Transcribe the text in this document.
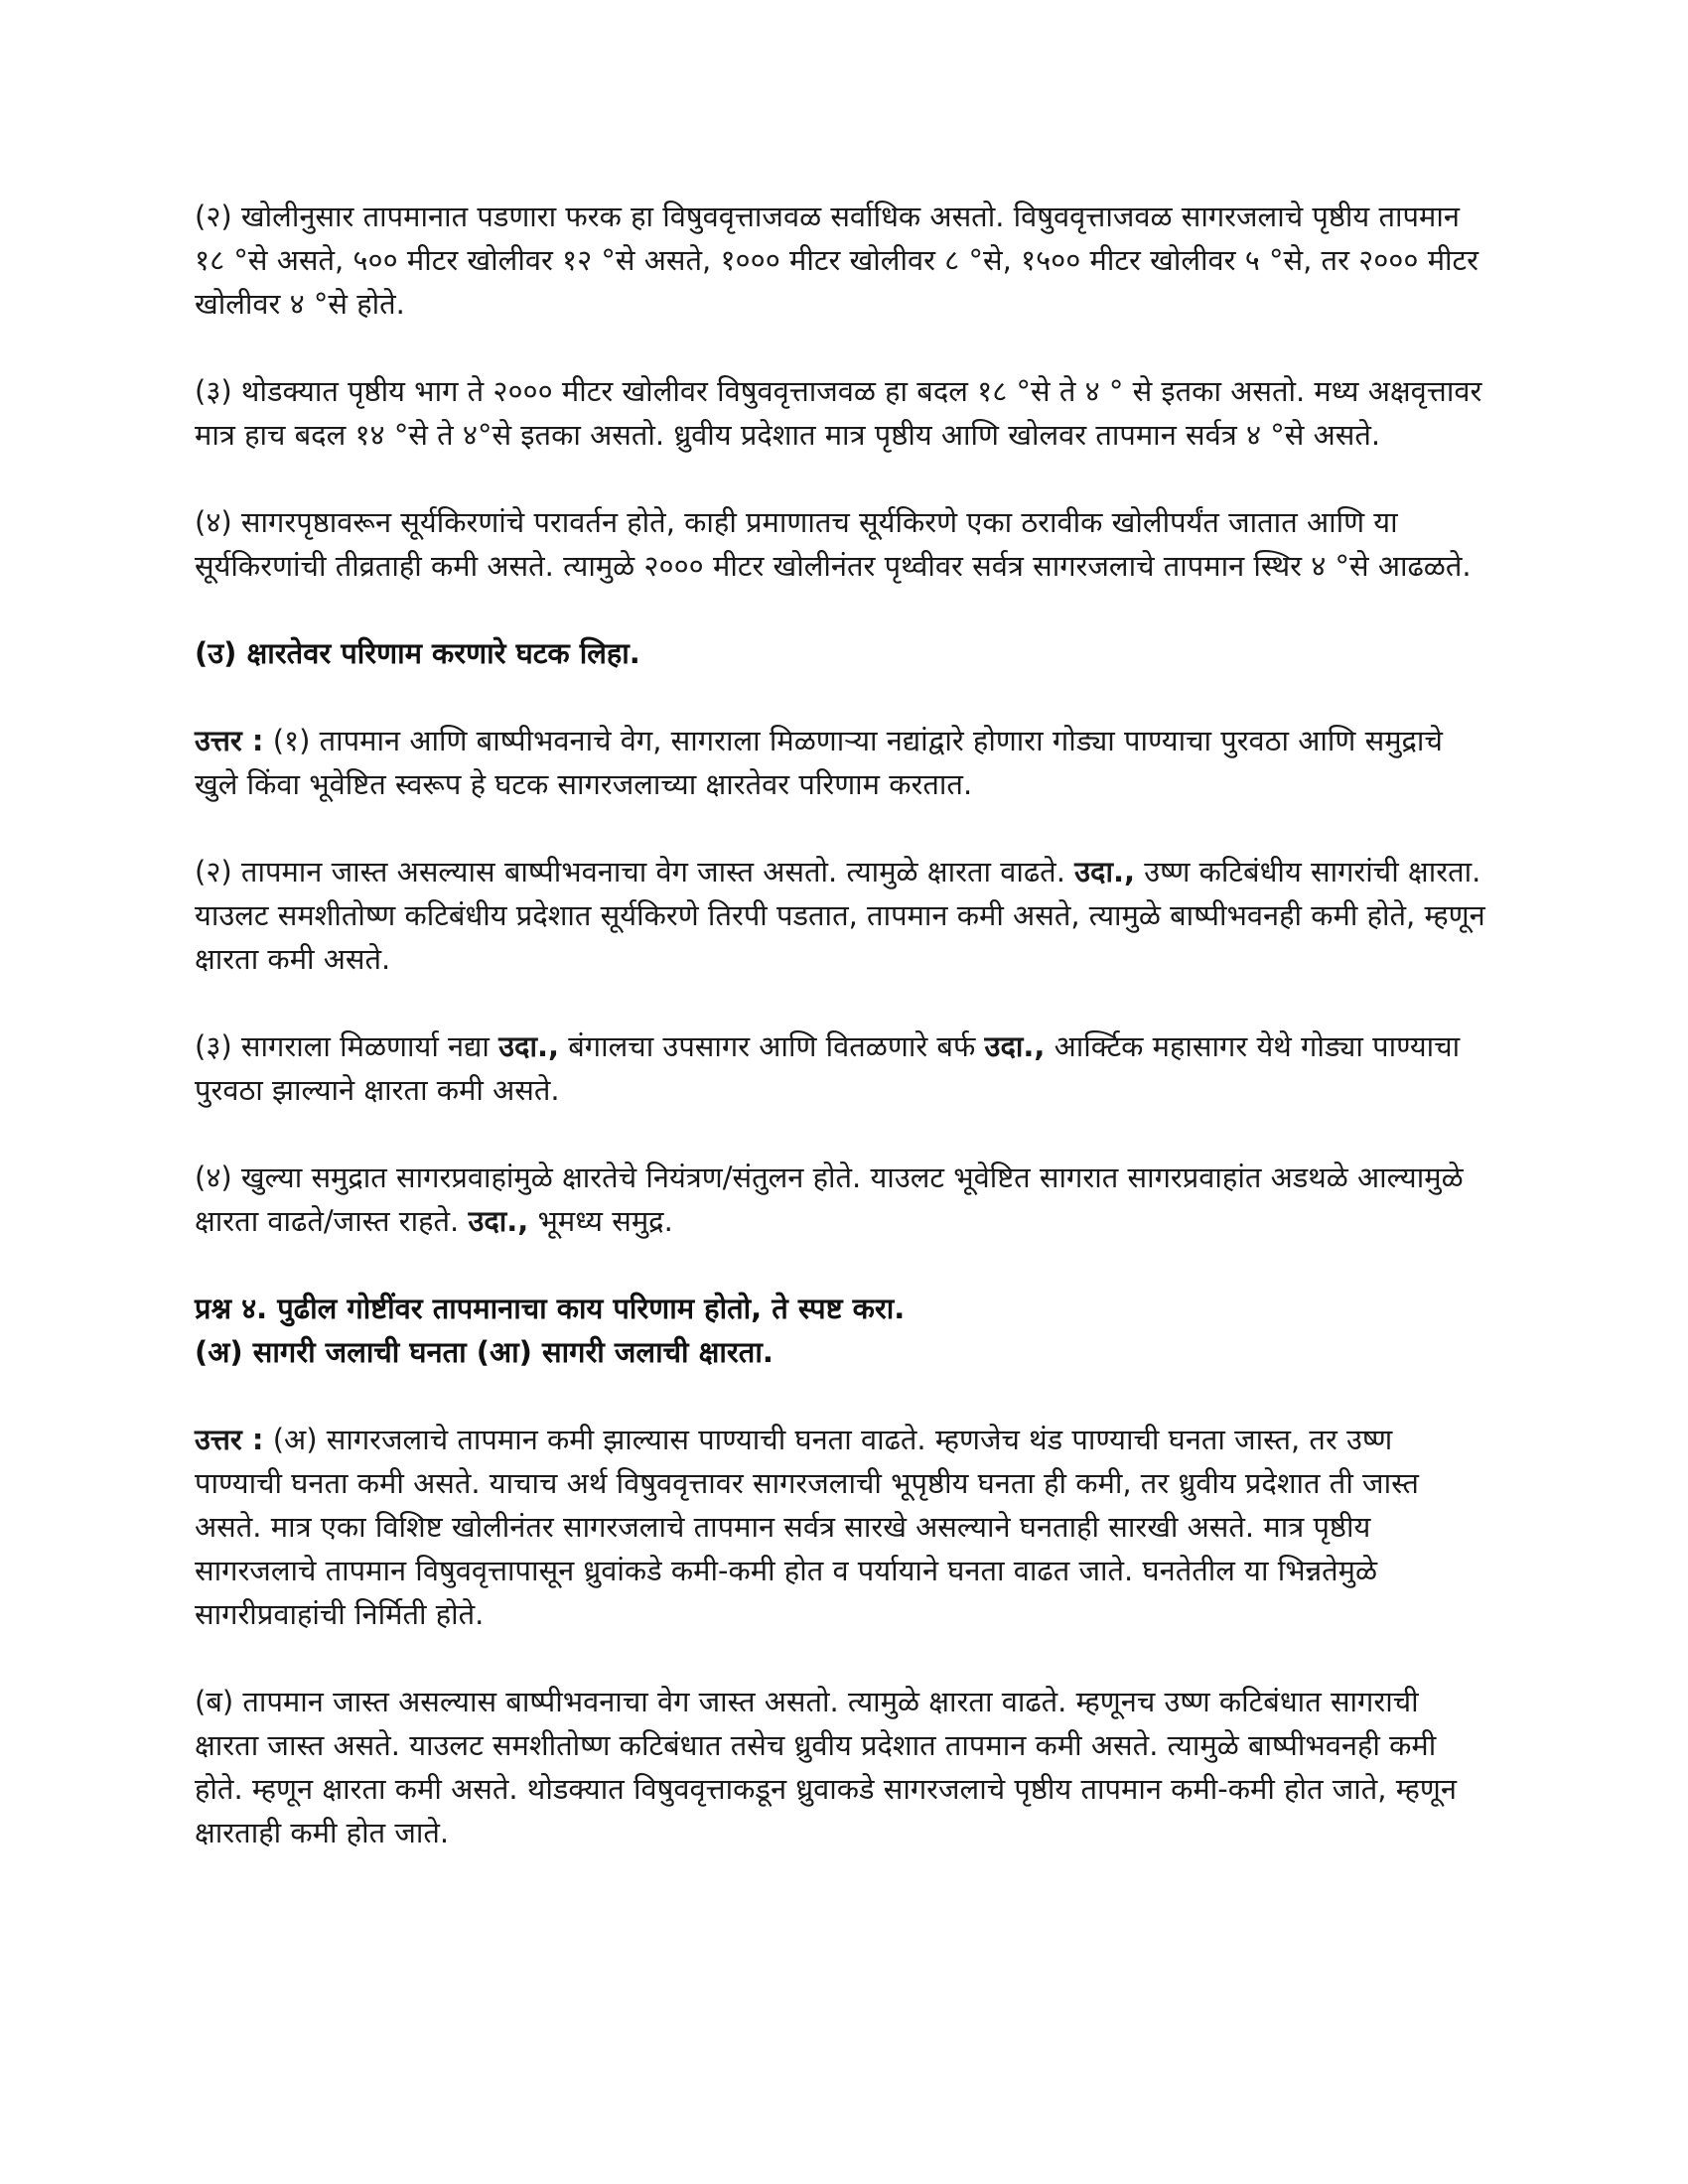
(२) खोलीनुसार तापमानात पडणारा फरक हा विषुववृत्ताजवळ सर्वाधिक असतो. विषुववृत्ताजवळ सागरजलाचे पृष्ठीय तापमान १८ °से असते, ५०० मीटर खोलीवर १२ °से असते, १००० मीटर खोलीवर ८ °से, १५०० मीटर खोलीवर ५ °से, तर २००० मीटर खोलीवर ४ °से होते.

(३) थोडक्यात पृष्ठीय भाग ते २००० मीटर खोलीवर विषुववृत्ताजवळ हा बदल १८ °से ते ४ ° से इतका असतो. मध्य अक्षवृत्तावर मात्र हाच बदल १४ °से ते ४°से इतका असतो. ध्रुवीय प्रदेशात मात्र पृष्ठीय आणि खोलवर तापमान सर्वत्र ४ °से असते.

(४) सागरपृष्ठावरून सूर्यकिरणांचे परावर्तन होते, काही प्रमाणातच सूर्यकिरणे एका ठरावीक खोलीपर्यंत जातात आणि या सूर्यकिरणांची तीव्रताही कमी असते. त्यामुळे २००० मीटर खोलीनंतर पृथ्वीवर सर्वत्र सागरजलाचे तापमान स्थिर ४ °से आढळते.

(उ) क्षारतेवर परिणाम करणारे घटक लिहा.

उत्तर : (१) तापमान आणि बाष्पीभवनाचे वेग, सागराला मिळणाऱ्या नद्यांद्वारे होणारा गोड्या पाण्याचा पुरवठा आणि समुद्राचे खुले किंवा भूवेष्टित स्वरूप हे घटक सागरजलाच्या क्षारतेवर परिणाम करतात.

(२) तापमान जास्त असल्यास बाष्पीभवनाचा वेग जास्त असतो. त्यामुळे क्षारता वाढते. उदा., उष्ण कटिबंधीय सागरांची क्षारता. याउलट समशीतोष्ण कटिबंधीय प्रदेशात सूर्यकिरणे तिरपी पडतात, तापमान कमी असते, त्यामुळे बाष्पीभवनही कमी होते, म्हणून क्षारता कमी असते.

(३) सागराला मिळणार्या नद्या उदा., बंगालचा उपसागर आणि वितळणारे बर्फ उदा., आर्क्टिक महासागर येथे गोड्या पाण्याचा पुरवठा झाल्याने क्षारता कमी असते.

(४) खुल्या समुद्रात सागरप्रवाहांमुळे क्षारतेचे नियंत्रण/संतुलन होते. याउलट भूवेष्टित सागरात सागरप्रवाहांत अडथळे आल्यामुळे क्षारता वाढते/जास्त राहते. उदा., भूमध्य समुद्र.

प्रश्न ४. पुढील गोष्टींवर तापमानाचा काय परिणाम होतो, ते स्पष्ट करा.
(अ) सागरी जलाची घनता (आ) सागरी जलाची क्षारता.

उत्तर : (अ) सागरजलाचे तापमान कमी झाल्यास पाण्याची घनता वाढते. म्हणजेच थंड पाण्याची घनता जास्त, तर उष्ण पाण्याची घनता कमी असते. याचाच अर्थ विषुववृत्तावर सागरजलाची भूपृष्ठीय घनता ही कमी, तर ध्रुवीय प्रदेशात ती जास्त असते. मात्र एका विशिष्ट खोलीनंतर सागरजलाचे तापमान सर्वत्र सारखे असल्याने घनताही सारखी असते. मात्र पृष्ठीय सागरजलाचे तापमान विषुववृत्तापासून ध्रुवांकडे कमी-कमी होत व पर्यायाने घनता वाढत जाते. घनतेतील या भिन्नतेमुळे सागरीप्रवाहांची निर्मिती होते.

(ब) तापमान जास्त असल्यास बाष्पीभवनाचा वेग जास्त असतो. त्यामुळे क्षारता वाढते. म्हणूनच उष्ण कटिबंधात सागराची क्षारता जास्त असते. याउलट समशीतोष्ण कटिबंधात तसेच ध्रुवीय प्रदेशात तापमान कमी असते. त्यामुळे बाष्पीभवनही कमी होते. म्हणून क्षारता कमी असते. थोडक्यात विषुववृत्ताकडून ध्रुवाकडे सागरजलाचे पृष्ठीय तापमान कमी-कमी होत जाते, म्हणून क्षारताही कमी होत जाते.
